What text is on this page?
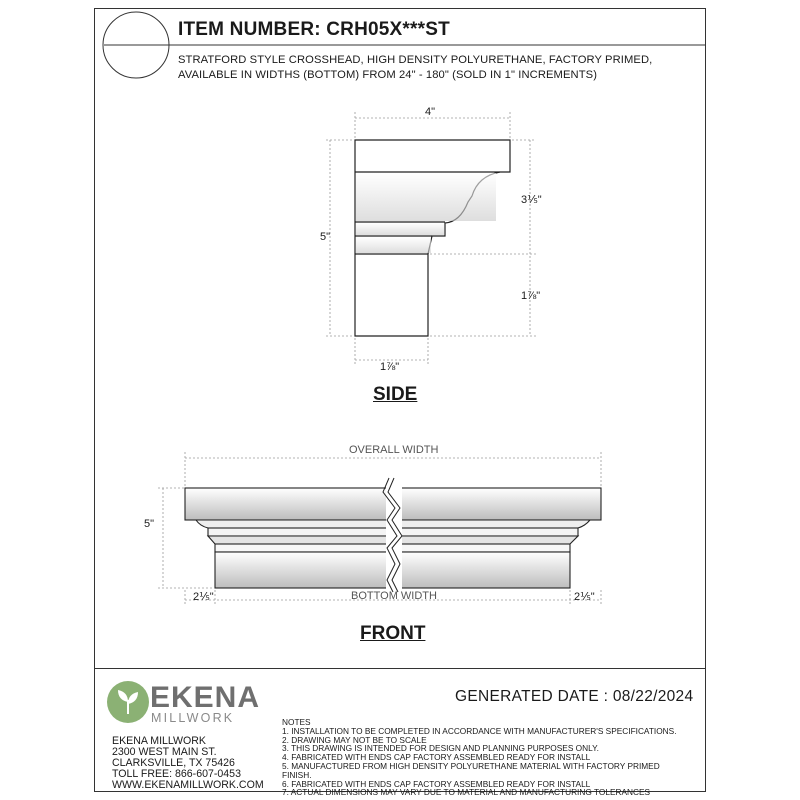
ITEM NUMBER: CRH05X***ST
STRATFORD STYLE CROSSHEAD, HIGH DENSITY POLYURETHANE, FACTORY PRIMED,
AVAILABLE IN WIDTHS (BOTTOM) FROM 24" - 180" (SOLD IN 1" INCREMENTS)
4"
5"
3⅕"
1⅞"
1⅞"
SIDE
OVERALL WIDTH
5"
2⅕"	BOTTOM WIDTH	2⅕"
FRONT
EKENA
MILLWORK
GENERATED DATE : 08/22/2024
EKENA MILLWORK
2300 WEST MAIN ST.
CLARKSVILLE, TX 75426
TOLL FREE: 866-607-0453
WWW.EKENAMILLWORK.COM
NOTES
1. INSTALLATION TO BE COMPLETED IN ACCORDANCE WITH MANUFACTURER'S SPECIFICATIONS.
2. DRAWING MAY NOT BE TO SCALE
3. THIS DRAWING IS INTENDED FOR DESIGN AND PLANNING PURPOSES ONLY.
4. FABRICATED WITH ENDS CAP FACTORY ASSEMBLED READY FOR INSTALL
5. MANUFACTURED FROM HIGH DENSITY POLYURETHANE MATERIAL WITH FACTORY PRIMED
FINISH.
6. FABRICATED WITH ENDS CAP FACTORY ASSEMBLED READY FOR INSTALL
7. ACTUAL DIMENSIONS MAY VARY DUE TO MATERIAL AND MANUFACTURING TOLERANCES
